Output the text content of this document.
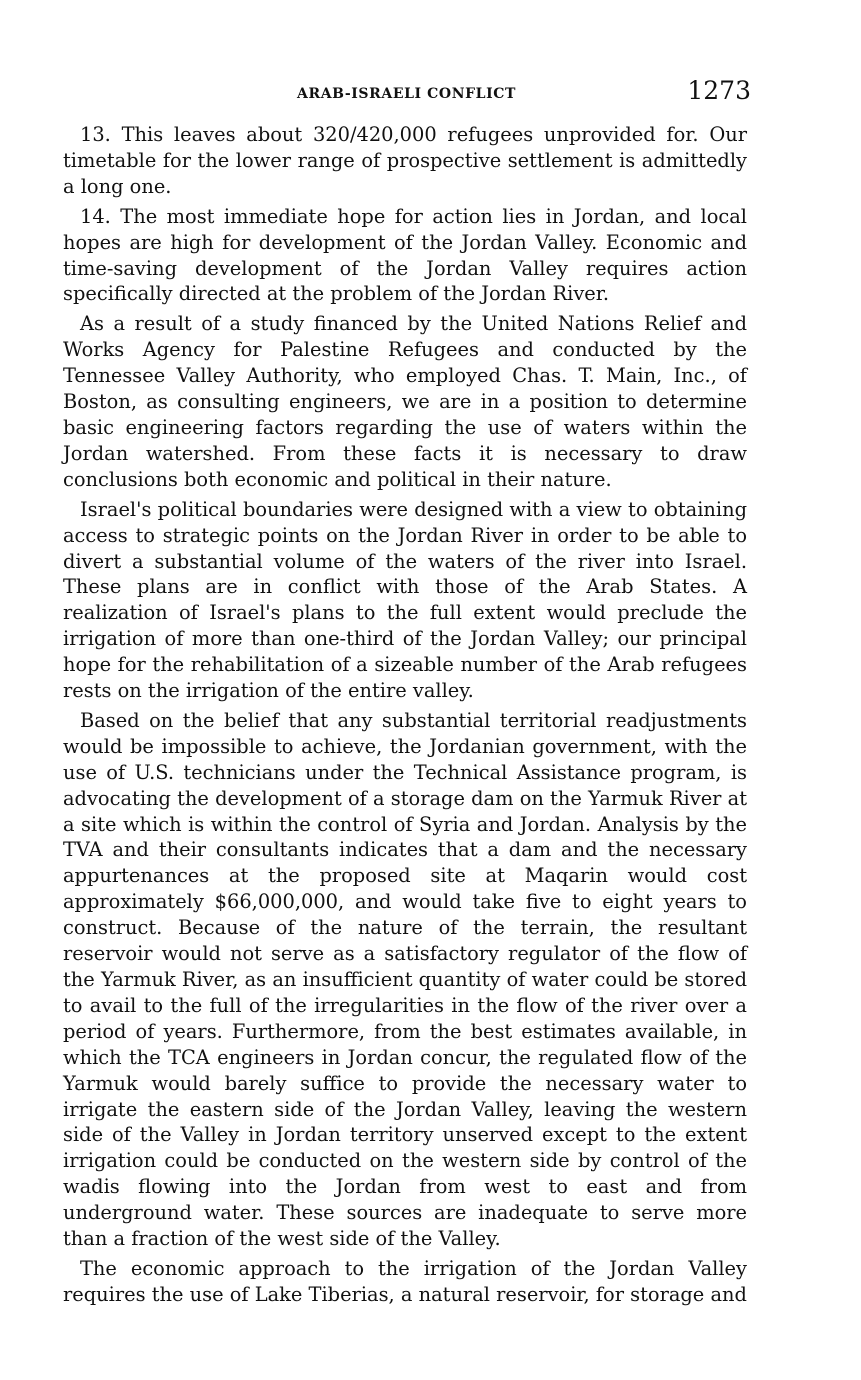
ARAB-ISRAELI CONFLICT	1273

13. This leaves about 320/420,000 refugees unprovided for. Our timetable for the lower range of prospective settlement is admittedly a long one.

14. The most immediate hope for action lies in Jordan, and local hopes are high for development of the Jordan Valley. Economic and time-saving development of the Jordan Valley requires action specifically directed at the problem of the Jordan River.

As a result of a study financed by the United Nations Relief and Works Agency for Palestine Refugees and conducted by the Tennessee Valley Authority, who employed Chas. T. Main, Inc., of Boston, as consulting engineers, we are in a position to determine basic engineering factors regarding the use of waters within the Jordan watershed. From these facts it is necessary to draw conclusions both economic and political in their nature.

Israel's political boundaries were designed with a view to obtaining access to strategic points on the Jordan River in order to be able to divert a substantial volume of the waters of the river into Israel. These plans are in conflict with those of the Arab States. A realization of Israel's plans to the full extent would preclude the irrigation of more than one-third of the Jordan Valley; our principal hope for the rehabilitation of a sizeable number of the Arab refugees rests on the irrigation of the entire valley.

Based on the belief that any substantial territorial readjustments would be impossible to achieve, the Jordanian government, with the use of U.S. technicians under the Technical Assistance program, is advocating the development of a storage dam on the Yarmuk River at a site which is within the control of Syria and Jordan. Analysis by the TVA and their consultants indicates that a dam and the necessary appurtenances at the proposed site at Maqarin would cost approximately $66,000,000, and would take five to eight years to construct. Because of the nature of the terrain, the resultant reservoir would not serve as a satisfactory regulator of the flow of the Yarmuk River, as an insufficient quantity of water could be stored to avail to the full of the irregularities in the flow of the river over a period of years. Furthermore, from the best estimates available, in which the TCA engineers in Jordan concur, the regulated flow of the Yarmuk would barely suffice to provide the necessary water to irrigate the eastern side of the Jordan Valley, leaving the western side of the Valley in Jordan territory unserved except to the extent irrigation could be conducted on the western side by control of the wadis flowing into the Jordan from west to east and from underground water. These sources are inadequate to serve more than a fraction of the west side of the Valley.

The economic approach to the irrigation of the Jordan Valley requires the use of Lake Tiberias, a natural reservoir, for storage and
